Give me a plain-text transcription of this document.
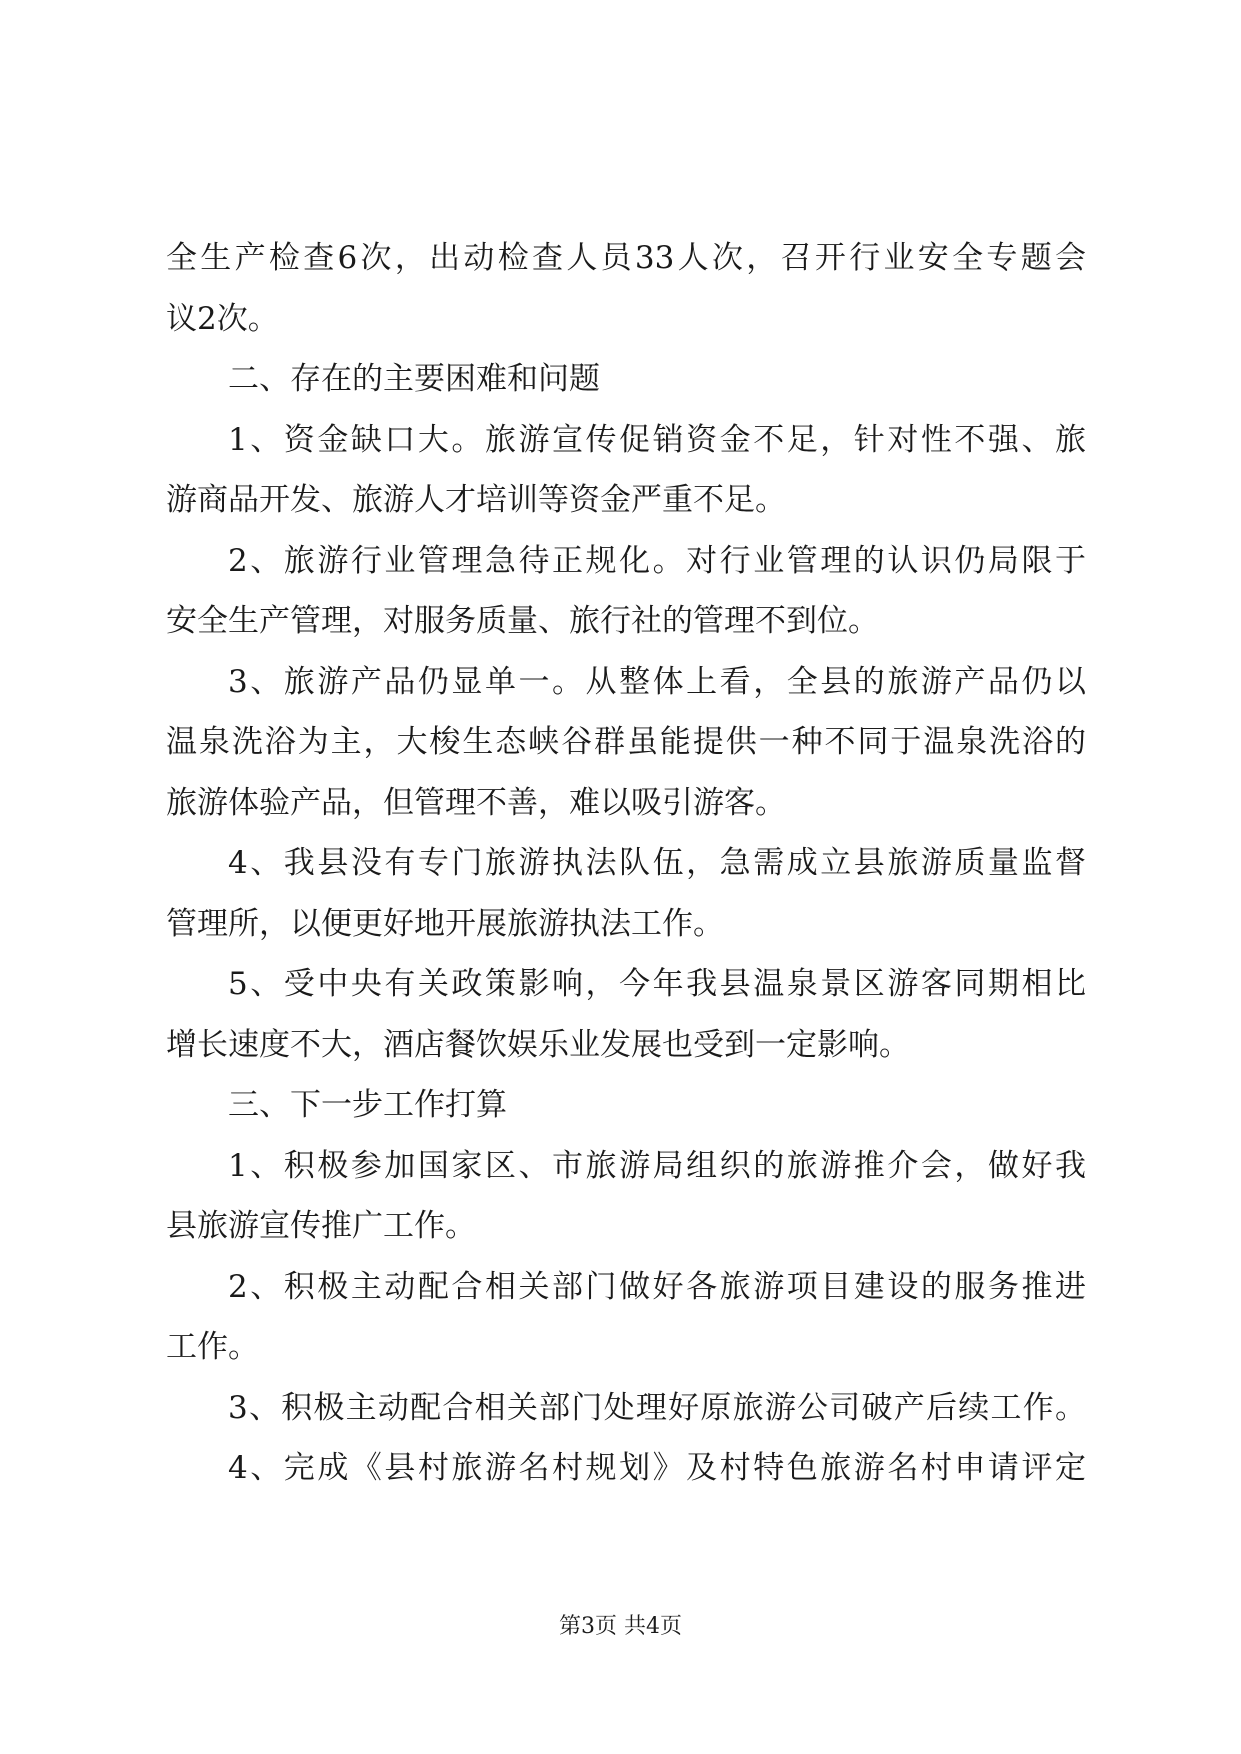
全生产检查6次，出动检查人员33人次，召开行业安全专题会
议2次。
二、存在的主要困难和问题
1、资金缺口大。旅游宣传促销资金不足，针对性不强、旅
游商品开发、旅游人才培训等资金严重不足。
2、旅游行业管理急待正规化。对行业管理的认识仍局限于
安全生产管理，对服务质量、旅行社的管理不到位。
3、旅游产品仍显单一。从整体上看，全县的旅游产品仍以
温泉洗浴为主，大梭生态峡谷群虽能提供一种不同于温泉洗浴的
旅游体验产品，但管理不善，难以吸引游客。
4、我县没有专门旅游执法队伍，急需成立县旅游质量监督
管理所，以便更好地开展旅游执法工作。
5、受中央有关政策影响，今年我县温泉景区游客同期相比
增长速度不大，酒店餐饮娱乐业发展也受到一定影响。
三、下一步工作打算
1、积极参加国家区、市旅游局组织的旅游推介会，做好我
县旅游宣传推广工作。
2、积极主动配合相关部门做好各旅游项目建设的服务推进
工作。
3、积极主动配合相关部门处理好原旅游公司破产后续工作。
4、完成《县村旅游名村规划》及村特色旅游名村申请评定
第3页 共4页
